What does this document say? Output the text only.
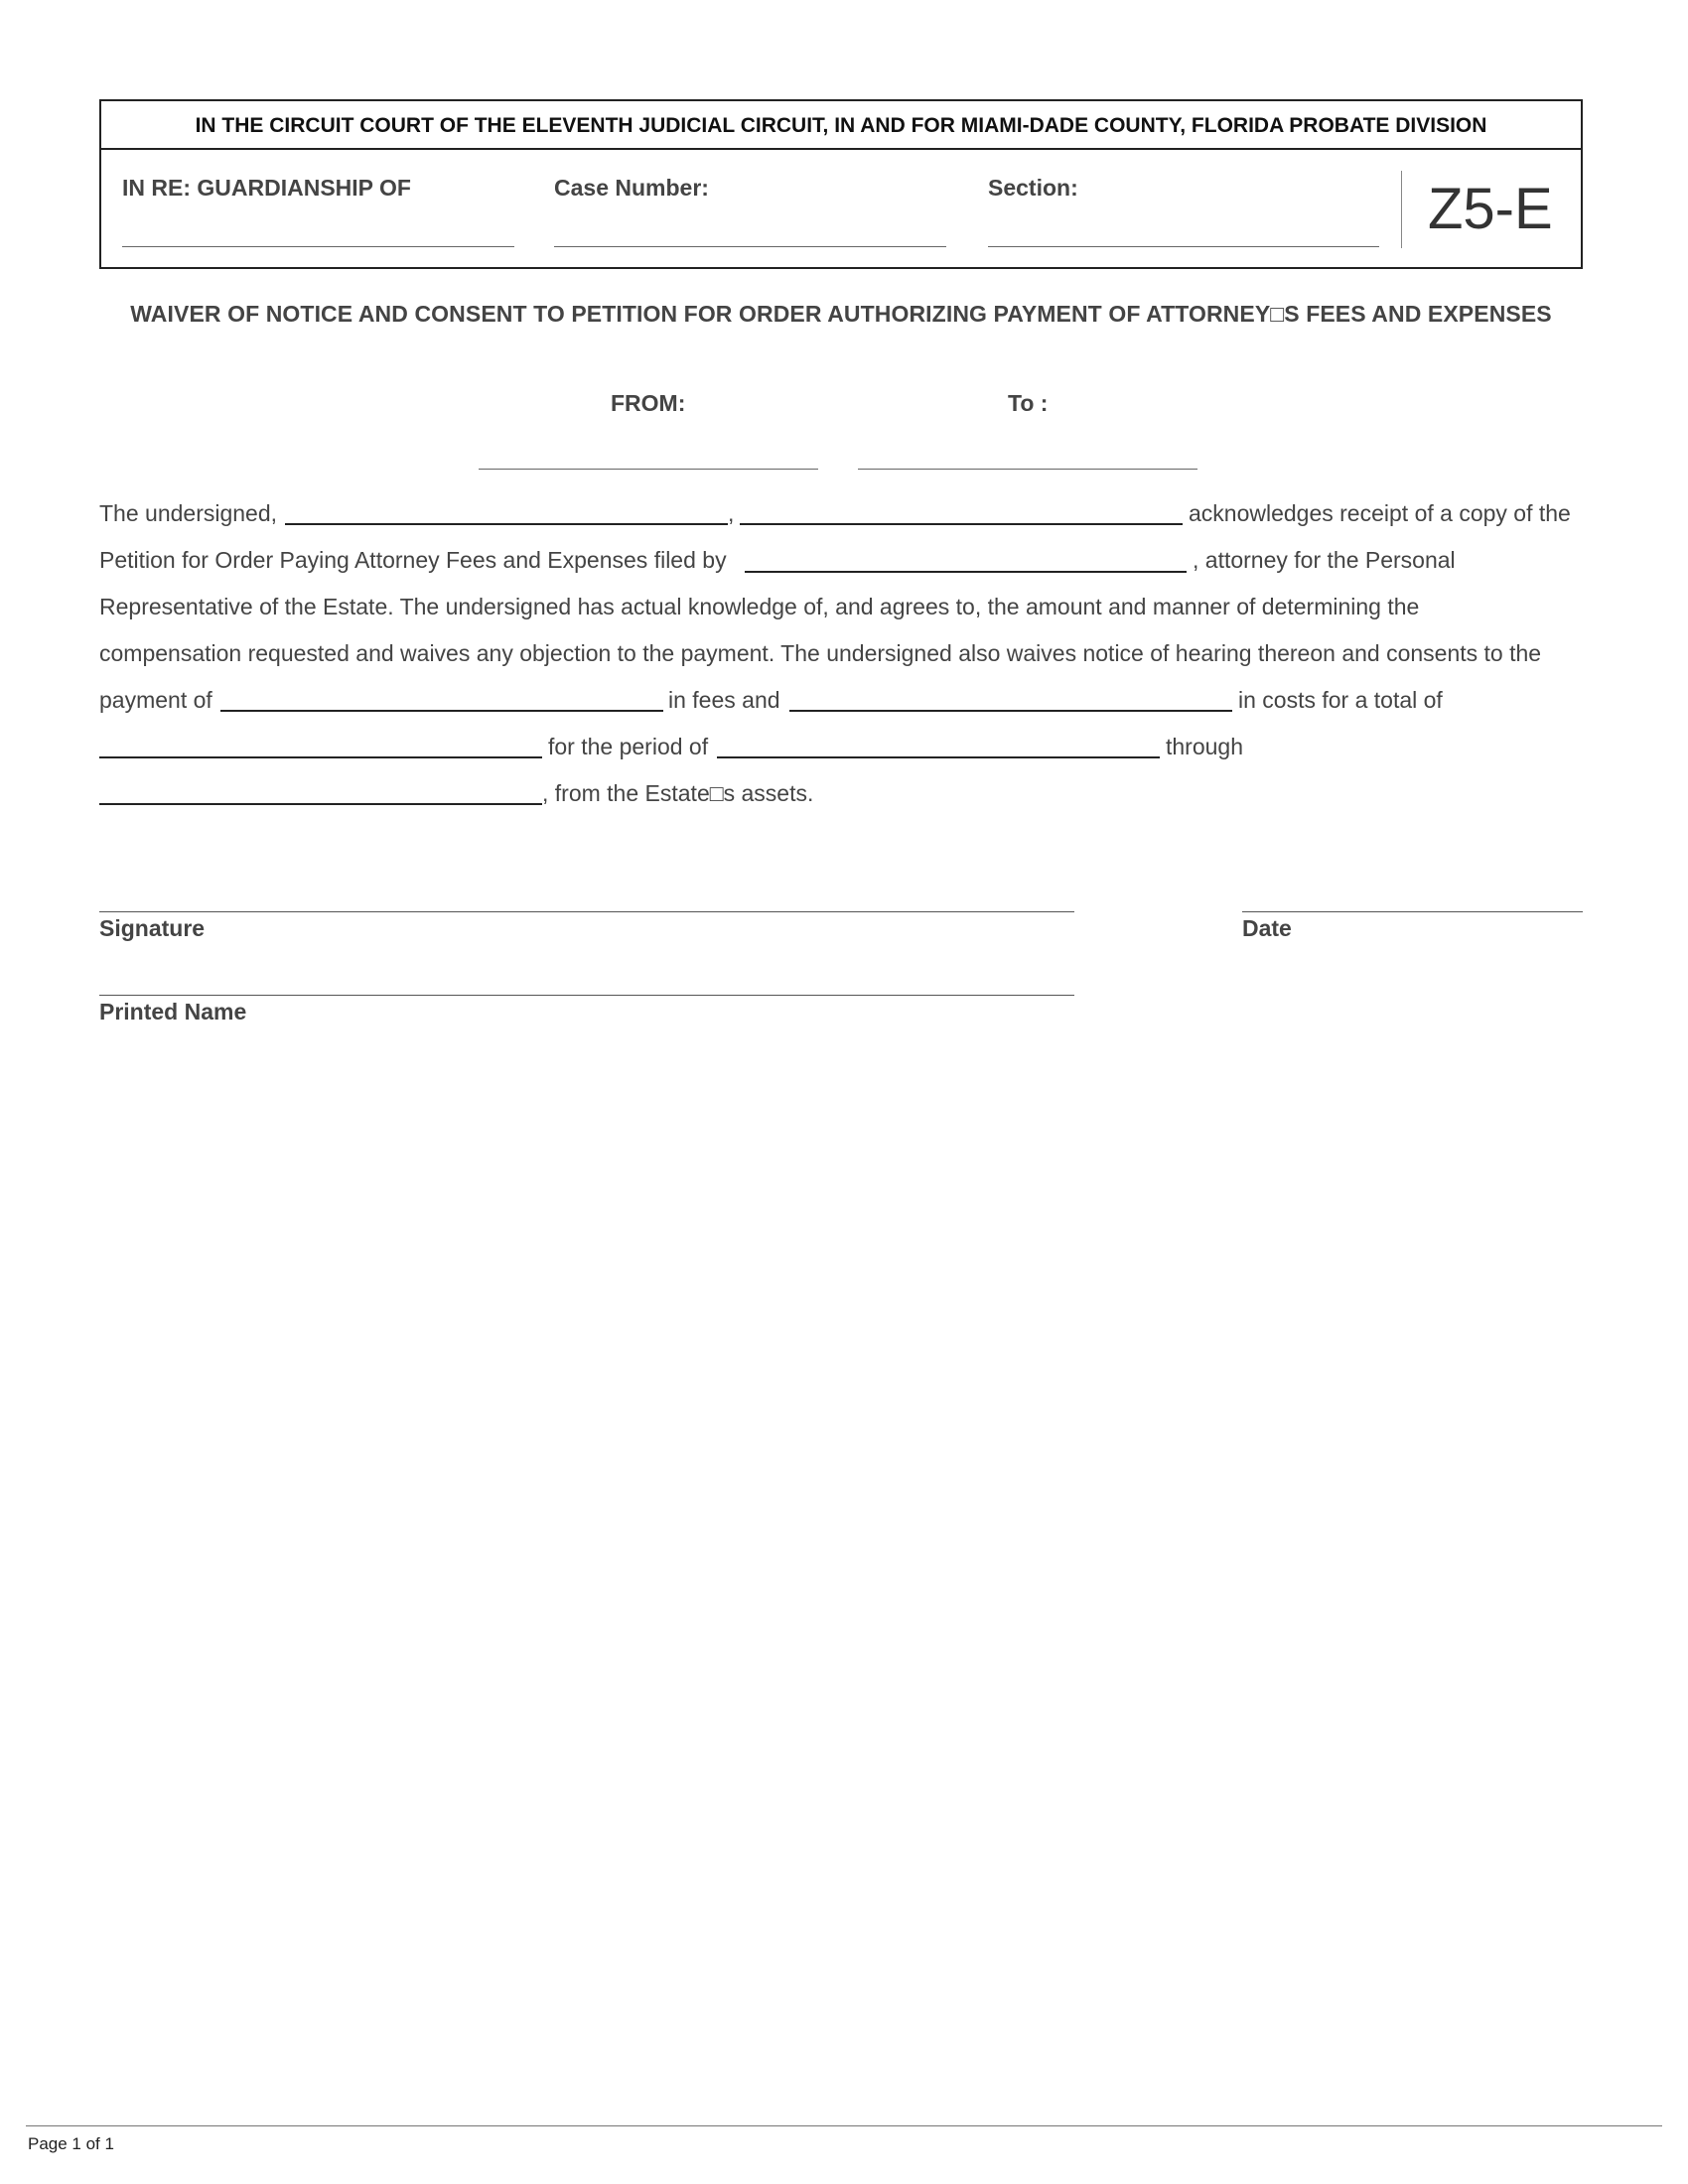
IN THE CIRCUIT COURT OF THE ELEVENTH JUDICIAL CIRCUIT, IN AND FOR MIAMI-DADE COUNTY, FLORIDA PROBATE DIVISION
IN RE: GUARDIANSHIP OF	Case Number:	Section:	Z5-E
WAIVER OF NOTICE AND CONSENT TO PETITION FOR ORDER AUTHORIZING PAYMENT OF ATTORNEY□S FEES AND EXPENSES
FROM:	To :
The undersigned,	,	acknowledges receipt of a copy of the
Petition for Order Paying Attorney Fees and Expenses filed by	, attorney for the Personal
Representative of the Estate. The undersigned has actual knowledge of, and agrees to, the amount and manner of determining the
compensation requested and waives any objection to the payment. The undersigned also waives notice of hearing thereon and consents to the
payment of	in fees and	in costs for a total of
for the period of	through
, from the Estate□s assets.
Signature	Date
Printed Name
Page 1 of 1
